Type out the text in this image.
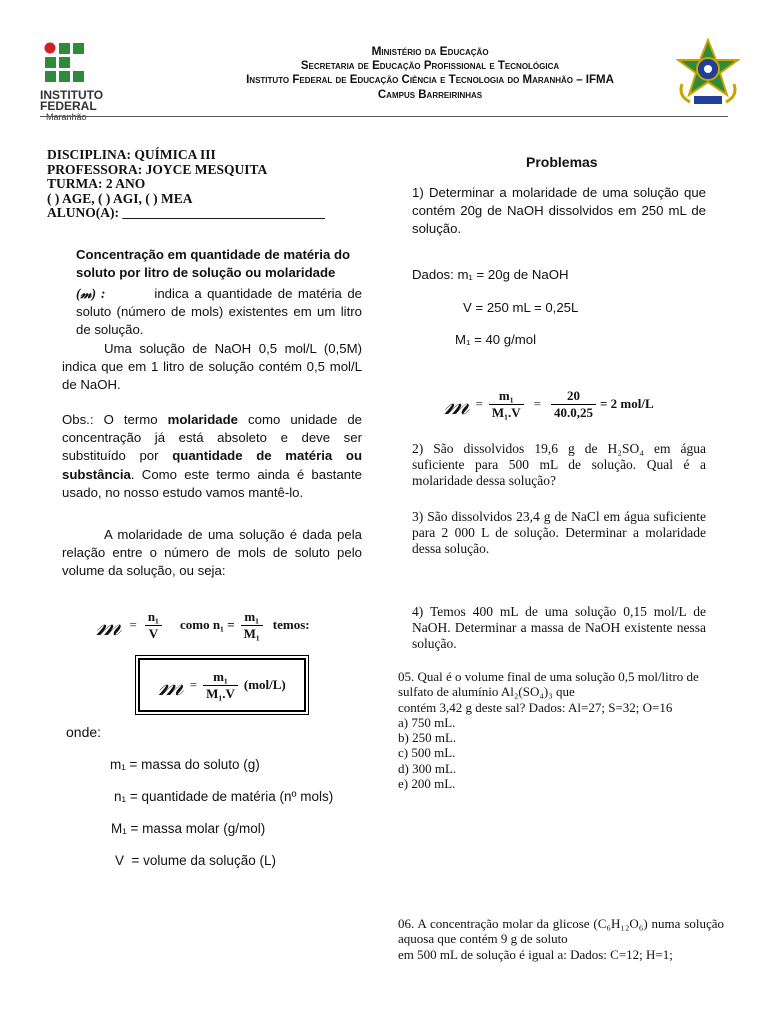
INSTITUTO
FEDERAL
Maranhão
Ministério da Educação
Secretaria de Educação Profissional e Tecnológica
Instituto Federal de Educação Ciência e Tecnologia do Maranhão – IFMA
Campus Barreirinhas
DISCIPLINA: QUÍMICA III
PROFESSORA: JOYCE MESQUITA
TURMA: 2 ANO
( ) AGE, ( ) AGI, ( ) MEA
ALUNO(A): ______________________________
Concentração em quantidade de matéria do soluto por litro de solução ou molaridade
(𝓂) :	indica a quantidade de matéria de soluto (número de mols) existentes em um litro de solução.
Uma solução de NaOH 0,5 mol/L (0,5M) indica que em 1 litro de solução contém 0,5 mol/L de NaOH.
Obs.: O termo molaridade como unidade de concentração já está absoleto e deve ser substituído por quantidade de matéria ou substância. Como este termo ainda é bastante usado, no nosso estudo vamos mantê-lo.
A molaridade de uma solução é dada pela relação entre o número de mols de soluto pelo volume da solução, ou seja:
𝓂 = $\frac{\text{n₁}}{V}$ como $n_1 = \frac{\text{m₁}}{\text{M₁}}$ temos:
𝓂 = $\frac{\text{m₁}}{\text{M₁.V}} (mol/L)$
onde:
m₁ = massa do soluto (g)
n₁ = quantidade de matéria (nº mols)
M₁ = massa molar (g/mol)
V  = volume da solução (L)
Problemas
1) Determinar a molaridade de uma solução que contém 20g de NaOH dissolvidos em 250 mL de solução.
Dados: m₁ = 20g de NaOH
V = 250 mL = 0,25L
M₁ = 40 g/mol
𝓂 = $\frac{\text{m₁}}{\text{M₁.V}} = \frac{20}{40.0,25} = 2$ mol/L
2) São dissolvidos 19,6 g de H₂SO₄ em água suficiente para 500 mL de solução. Qual é a molaridade dessa solução?
3) São dissolvidos 23,4 g de NaCl em água suficiente para 2 000 L de solução. Determinar a molaridade dessa solução.
4) Temos 400 mL de uma solução 0,15 mol/L de NaOH. Determinar a massa de NaOH existente nessa solução.
05. Qual é o volume final de uma solução 0,5 mol/litro de sulfato de alumínio Al₂(SO₄)₃ que
contém 3,42 g deste sal? Dados: Al=27; S=32; O=16
a) 750 mL.
b) 250 mL.
c) 500 mL.
d) 300 mL.
e) 200 mL.
06. A concentração molar da glicose (C₆H₁₂O₆) numa solução aquosa que contém 9 g de soluto
em 500 mL de solução é igual a: Dados: C=12; H=1;
